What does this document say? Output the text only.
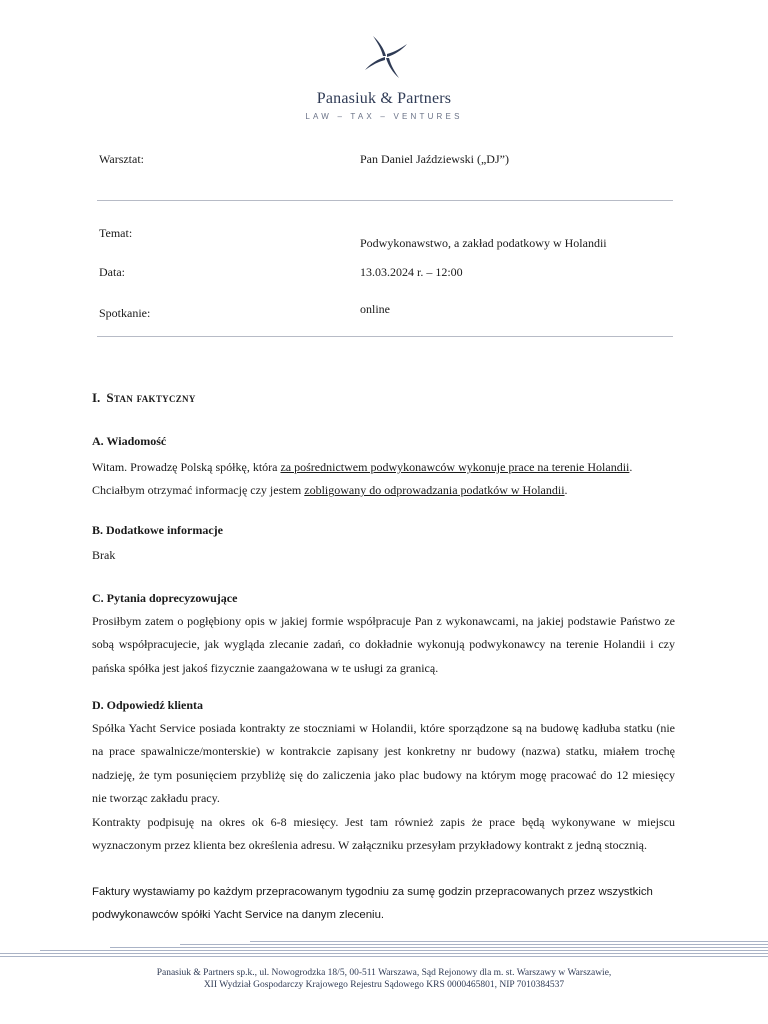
Panasiuk & Partners
LAW – TAX – VENTURES
Warsztat:	Pan Daniel Jaździewski („DJ”)
Temat:
Podwykonawstwo, a zakład podatkowy w Holandii
Data:	13.03.2024 r. – 12:00
Spotkanie:	online
I. Stan faktyczny
A. Wiadomość
Witam. Prowadzę Polską spółkę, która za pośrednictwem podwykonawców wykonuje prace na terenie Holandii.
Chciałbym otrzymać informację czy jestem zobligowany do odprowadzania podatków w Holandii.
B. Dodatkowe informacje
Brak
C. Pytania doprecyzowujące
Prosiłbym zatem o pogłębiony opis w jakiej formie współpracuje Pan z wykonawcami, na jakiej podstawie Państwo ze sobą współpracujecie, jak wygląda zlecanie zadań, co dokładnie wykonują podwykonawcy na terenie Holandii i czy pańska spółka jest jakoś fizycznie zaangażowana w te usługi za granicą.
D. Odpowiedź klienta
Spółka Yacht Service posiada kontrakty ze stoczniami w Holandii, które sporządzone są na budowę kadłuba statku (nie na prace spawalnicze/monterskie) w kontrakcie zapisany jest konkretny nr budowy (nazwa) statku, miałem trochę nadzieję, że tym posunięciem przybliżę się do zaliczenia jako plac budowy na którym mogę pracować do 12 miesięcy nie tworząc zakładu pracy.
Kontrakty podpisuję na okres ok 6-8 miesięcy. Jest tam również zapis że prace będą wykonywane w miejscu wyznaczonym przez klienta bez określenia adresu. W załączniku przesyłam przykładowy kontrakt z jedną stocznią.
Faktury wystawiamy po każdym przepracowanym tygodniu za sumę godzin przepracowanych przez wszystkich podwykonawców spółki Yacht Service na danym zleceniu.
Panasiuk & Partners sp.k., ul. Nowogrodzka 18/5, 00-511 Warszawa, Sąd Rejonowy dla m. st. Warszawy w Warszawie,
XII Wydział Gospodarczy Krajowego Rejestru Sądowego KRS 0000465801, NIP 7010384537
